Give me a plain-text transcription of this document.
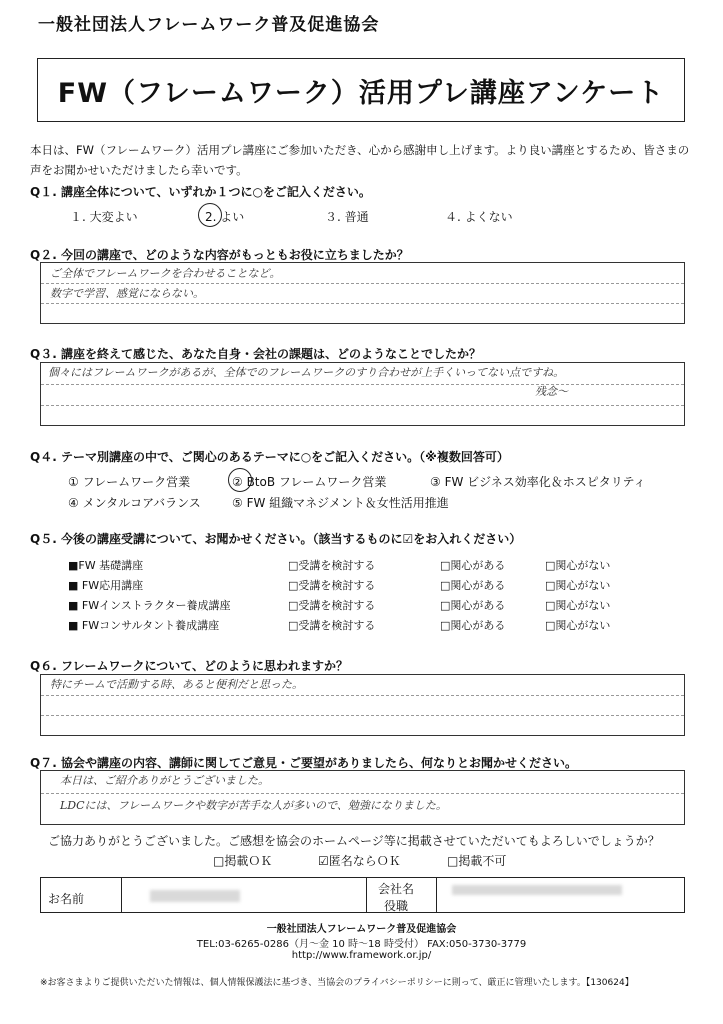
一般社団法人フレームワーク普及促進協会
FW（フレームワーク）活用プレ講座アンケート
本日は、FW（フレームワーク）活用プレ講座にご参加いただき、心から感謝申し上げます。より良い講座とするため、皆さまの声をお聞かせいただけましたら幸いです。
Q１. 講座全体について、いずれか１つに○をご記入ください。
１. 大変よい	2. よい	３. 普通	４. よくない
Q２. 今回の講座で、どのような内容がもっともお役に立ちましたか？
ご全体でフレームワークを合わせることなど。
数字で学習、感覚にならない。
Q３. 講座を終えて感じた、あなた自身・会社の課題は、どのようなことでしたか？
個々にはフレームワークがあるが、全体でのフレームワークのすり合わせが上手くいってない点ですね。
残念〜
Q４. テーマ別講座の中で、ご関心のあるテーマに○をご記入ください。（※複数回答可）
① フレームワーク営業	② BtoB フレームワーク営業	③ FW ビジネス効率化＆ホスピタリティ
④ メンタルコアバランス	⑤ FW 組織マネジメント＆女性活用推進
Q５. 今後の講座受講について、お聞かせください。（該当するものに☑をお入れください）
■FW 基礎講座	□受講を検討する	□関心がある	□関心がない
■ FW応用講座	□受講を検討する	□関心がある	□関心がない
■ FWインストラクター養成講座	□受講を検討する	□関心がある	□関心がない
■ FWコンサルタント養成講座	□受講を検討する	□関心がある	□関心がない
Q６. フレームワークについて、どのように思われますか？
特にチームで活動する時、あると便利だと思った。
Q７. 協会や講座の内容、講師に関してご意見・ご要望がありましたら、何なりとお聞かせください。
本日は、ご紹介ありがとうございました。
LDCには、フレームワークや数字が苦手な人が多いので、勉強になりました。
ご協力ありがとうございました。ご感想を協会のホームページ等に掲載させていただいてもよろしいでしょうか？
□掲載ＯＫ	☑匿名ならＯＫ	□掲載不可
お名前
会社名
役職
一般社団法人フレームワーク普及促進協会
TEL:03-6265-0286（月〜金 10 時〜18 時受付） FAX:050-3730-3779
http://www.framework.or.jp/
※お客さまよりご提供いただいた情報は、個人情報保護法に基づき、当協会のプライバシーポリシーに則って、厳正に管理いたします。【130624】
